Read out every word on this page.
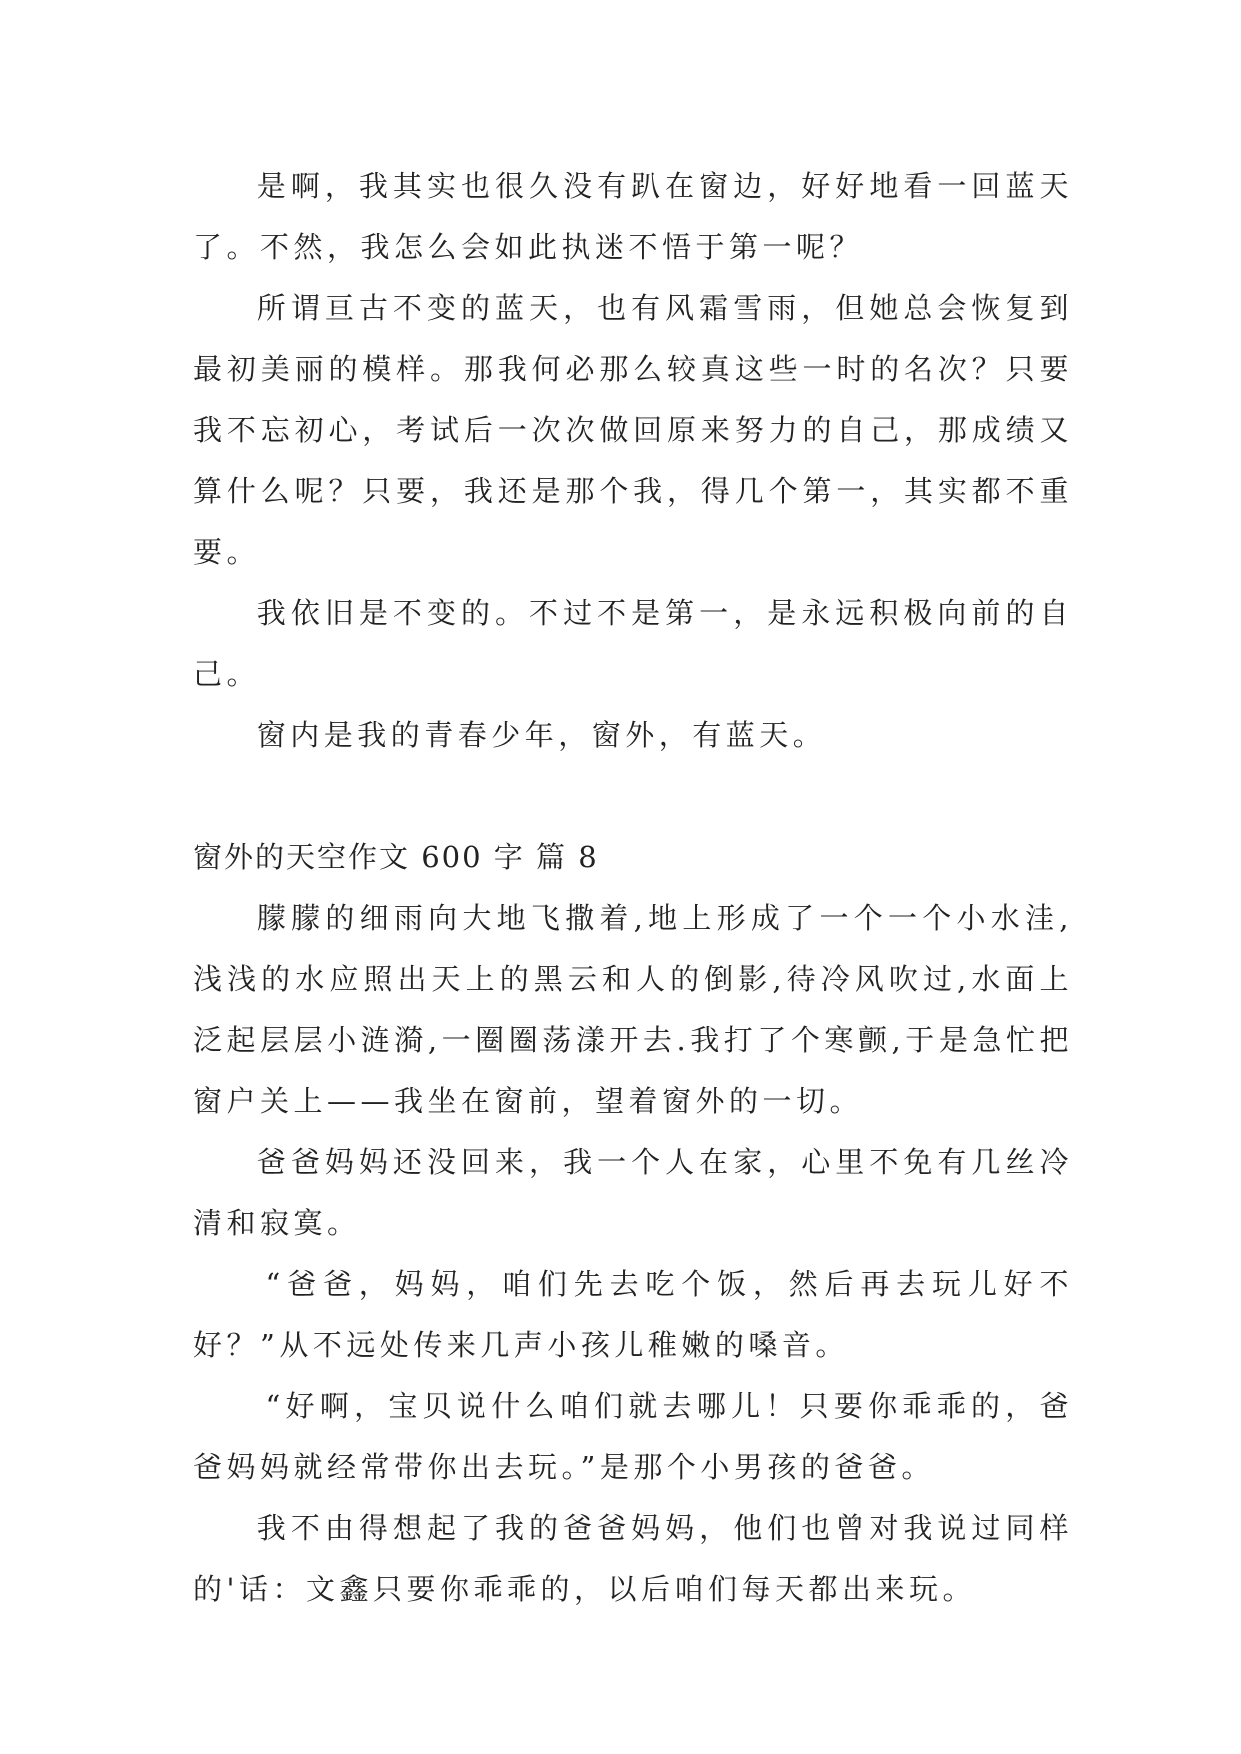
是啊，我其实也很久没有趴在窗边，好好地看一回蓝天了。不然，我怎么会如此执迷不悟于第一呢？

所谓亘古不变的蓝天，也有风霜雪雨，但她总会恢复到最初美丽的模样。那我何必那么较真这些一时的名次？只要我不忘初心，考试后一次次做回原来努力的自己，那成绩又算什么呢？只要，我还是那个我，得几个第一，其实都不重要。

我依旧是不变的。不过不是第一，是永远积极向前的自己。

窗内是我的青春少年，窗外，有蓝天。

窗外的天空作文 600 字 篇 8

朦朦的细雨向大地飞撒着,地上形成了一个一个小水洼,浅浅的水应照出天上的黑云和人的倒影,待冷风吹过,水面上泛起层层小涟漪,一圈圈荡漾开去.我打了个寒颤,于是急忙把窗户关上——我坐在窗前，望着窗外的一切。

爸爸妈妈还没回来，我一个人在家，心里不免有几丝冷清和寂寞。

“爸爸，妈妈，咱们先去吃个饭，然后再去玩儿好不好？”从不远处传来几声小孩儿稚嫩的嗓音。

“好啊，宝贝说什么咱们就去哪儿！只要你乖乖的，爸爸妈妈就经常带你出去玩。”是那个小男孩的爸爸。

我不由得想起了我的爸爸妈妈，他们也曾对我说过同样的'话：文鑫只要你乖乖的，以后咱们每天都出来玩。
